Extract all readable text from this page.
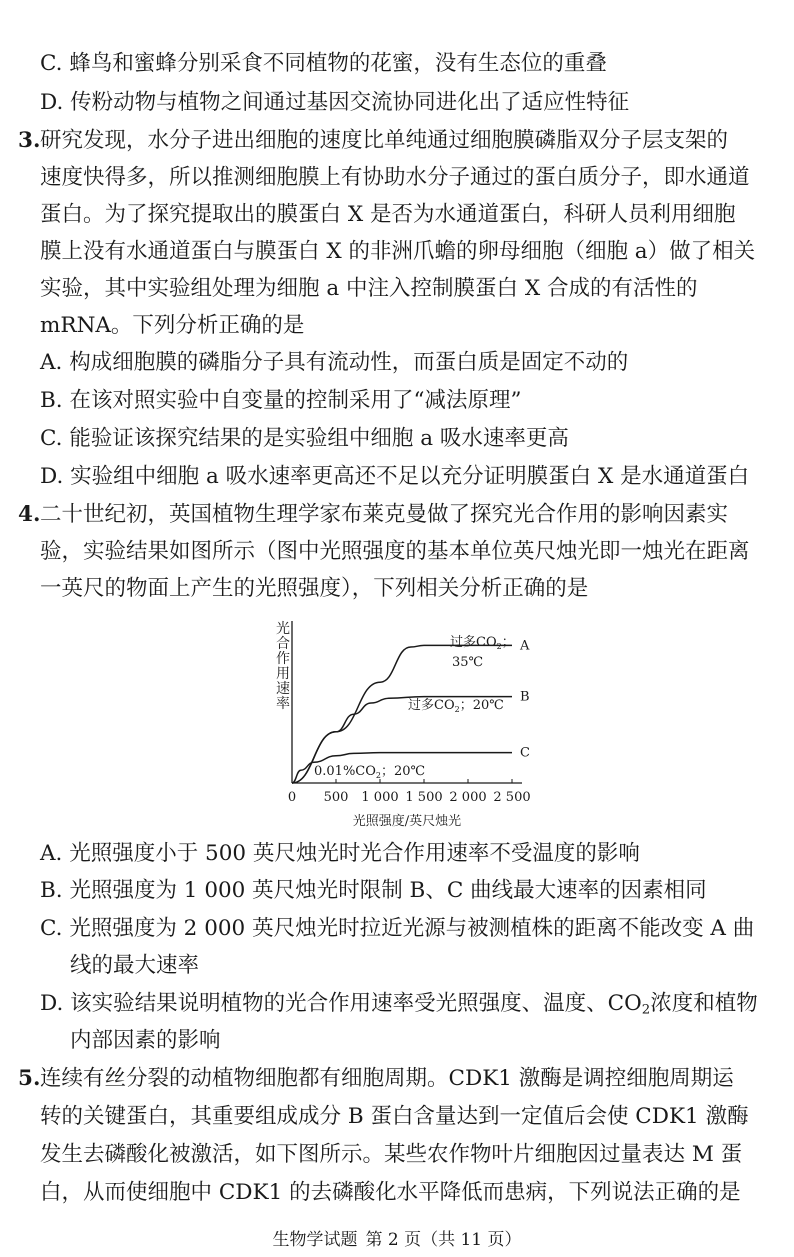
C. 蜂鸟和蜜蜂分别采食不同植物的花蜜，没有生态位的重叠
D. 传粉动物与植物之间通过基因交流协同进化出了适应性特征
3. 研究发现，水分子进出细胞的速度比单纯通过细胞膜磷脂双分子层支架的
速度快得多，所以推测细胞膜上有协助水分子通过的蛋白质分子，即水通道
蛋白。为了探究提取出的膜蛋白 X 是否为水通道蛋白，科研人员利用细胞
膜上没有水通道蛋白与膜蛋白 X 的非洲爪蟾的卵母细胞（细胞 a）做了相关
实验，其中实验组处理为细胞 a 中注入控制膜蛋白 X 合成的有活性的
mRNA。下列分析正确的是
A. 构成细胞膜的磷脂分子具有流动性，而蛋白质是固定不动的
B. 在该对照实验中自变量的控制采用了“减法原理”
C. 能验证该探究结果的是实验组中细胞 a 吸水速率更高
D. 实验组中细胞 a 吸水速率更高还不足以充分证明膜蛋白 X 是水通道蛋白
4. 二十世纪初，英国植物生理学家布莱克曼做了探究光合作用的影响因素实
验，实验结果如图所示（图中光照强度的基本单位英尺烛光即一烛光在距离
一英尺的物面上产生的光照强度），下列相关分析正确的是
光合作用速率
0 500 1 000 1 500 2 000 2 500
A
B
C
过多$CO_2$；
35℃
过多$CO_2$；20℃
$0.01\%CO_2$；20℃
光照强度/英尺烛光
A. 光照强度小于 500 英尺烛光时光合作用速率不受温度的影响
B. 光照强度为 1 000 英尺烛光时限制 B、C 曲线最大速率的因素相同
C. 光照强度为 2 000 英尺烛光时拉近光源与被测植株的距离不能改变 A 曲
线的最大速率
D. 该实验结果说明植物的光合作用速率受光照强度、温度、$CO_2$浓度和植物
内部因素的影响
5. 连续有丝分裂的动植物细胞都有细胞周期。CDK1 激酶是调控细胞周期运
转的关键蛋白，其重要组成成分 B 蛋白含量达到一定值后会使 CDK1 激酶
发生去磷酸化被激活，如下图所示。某些农作物叶片细胞因过量表达 M 蛋
白，从而使细胞中 CDK1 的去磷酸化水平降低而患病，下列说法正确的是
生物学试题 第 2 页（共 11 页）
